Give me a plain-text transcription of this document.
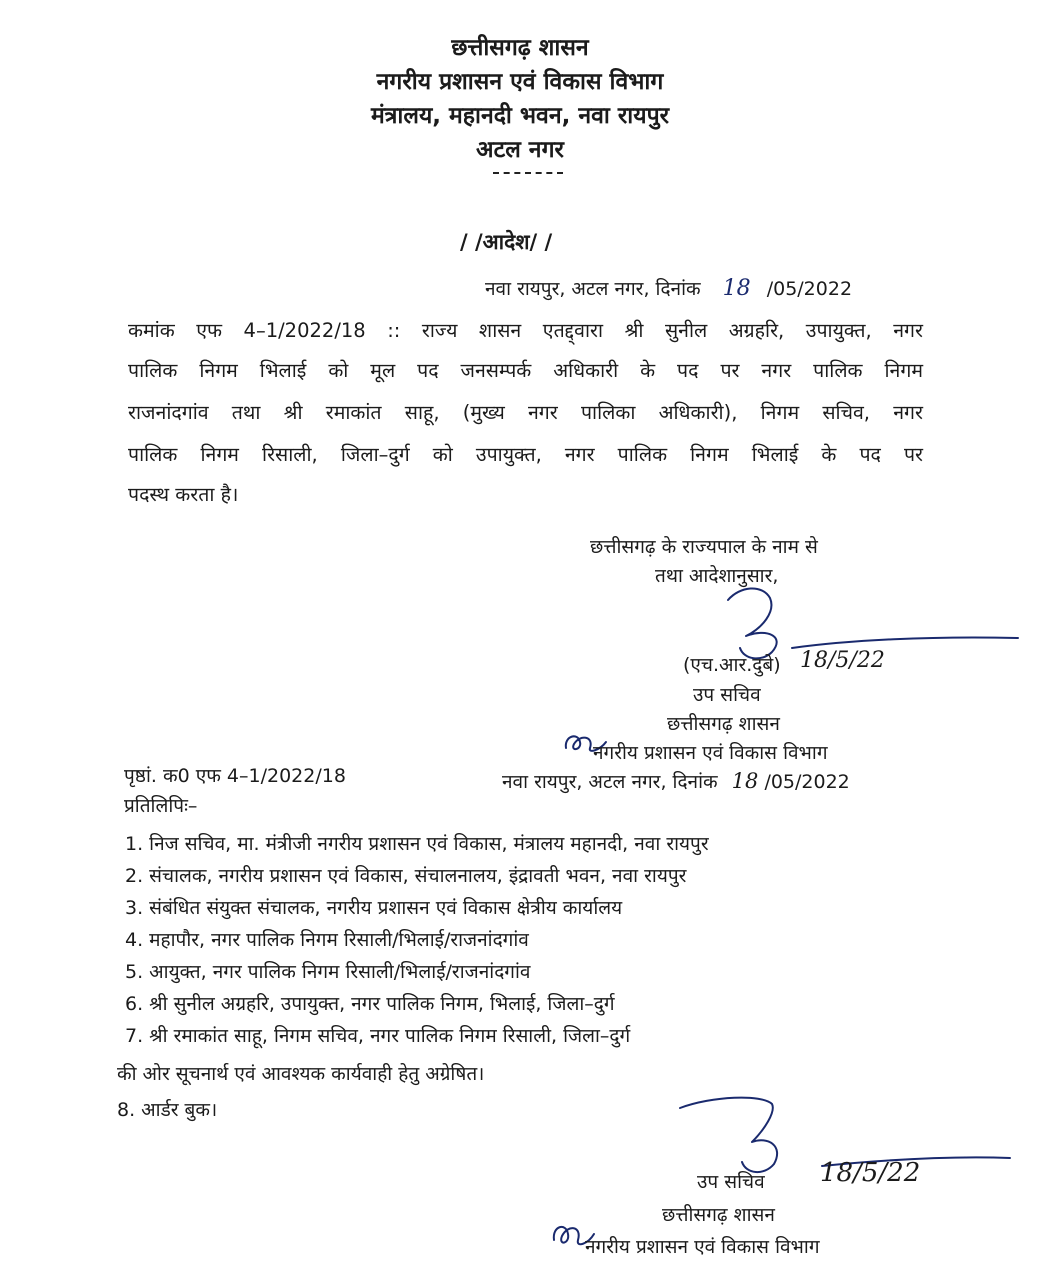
छत्तीसगढ़ शासन
नगरीय प्रशासन एवं विकास विभाग
मंत्रालय, महानदी भवन, नवा रायपुर
अटल नगर
/ /आदेश/ /
नवा रायपुर, अटल नगर, दिनांक 18 /05/2022
कमांक एफ 4–1/2022/18 :: राज्य शासन एतद्द्वारा श्री सुनील अग्रहरि, उपायुक्त, नगर
पालिक निगम भिलाई को मूल पद जनसम्पर्क अधिकारी के पद पर नगर पालिक निगम
राजनांदगांव तथा श्री रमाकांत साहू, (मुख्य नगर पालिका अधिकारी), निगम सचिव, नगर
पालिक निगम रिसाली, जिला–दुर्ग को उपायुक्त, नगर पालिक निगम भिलाई के पद पर
पदस्थ करता है।
छत्तीसगढ़ के राज्यपाल के नाम से
तथा आदेशानुसार,
(एच.आर.दुबे) 18/5/22
उप सचिव
छत्तीसगढ़ शासन
नगरीय प्रशासन एवं विकास विभाग
नवा रायपुर, अटल नगर, दिनांक 18 /05/2022
पृष्ठां. क0 एफ 4–1/2022/18
प्रतिलिपिः–
1. निज सचिव, मा. मंत्रीजी नगरीय प्रशासन एवं विकास, मंत्रालय महानदी, नवा रायपुर
2. संचालक, नगरीय प्रशासन एवं विकास, संचालनालय, इंद्रावती भवन, नवा रायपुर
3. संबंधित संयुक्त संचालक, नगरीय प्रशासन एवं विकास क्षेत्रीय कार्यालय
4. महापौर, नगर पालिक निगम रिसाली/भिलाई/राजनांदगांव
5. आयुक्त, नगर पालिक निगम रिसाली/भिलाई/राजनांदगांव
6. श्री सुनील अग्रहरि, उपायुक्त, नगर पालिक निगम, भिलाई, जिला–दुर्ग
7. श्री रमाकांत साहू, निगम सचिव, नगर पालिक निगम रिसाली, जिला–दुर्ग
की ओर सूचनार्थ एवं आवश्यक कार्यवाही हेतु अग्रेषित।
8. आर्डर बुक।
उप सचिव 18/5/22
छत्तीसगढ़ शासन
नगरीय प्रशासन एवं विकास विभाग
